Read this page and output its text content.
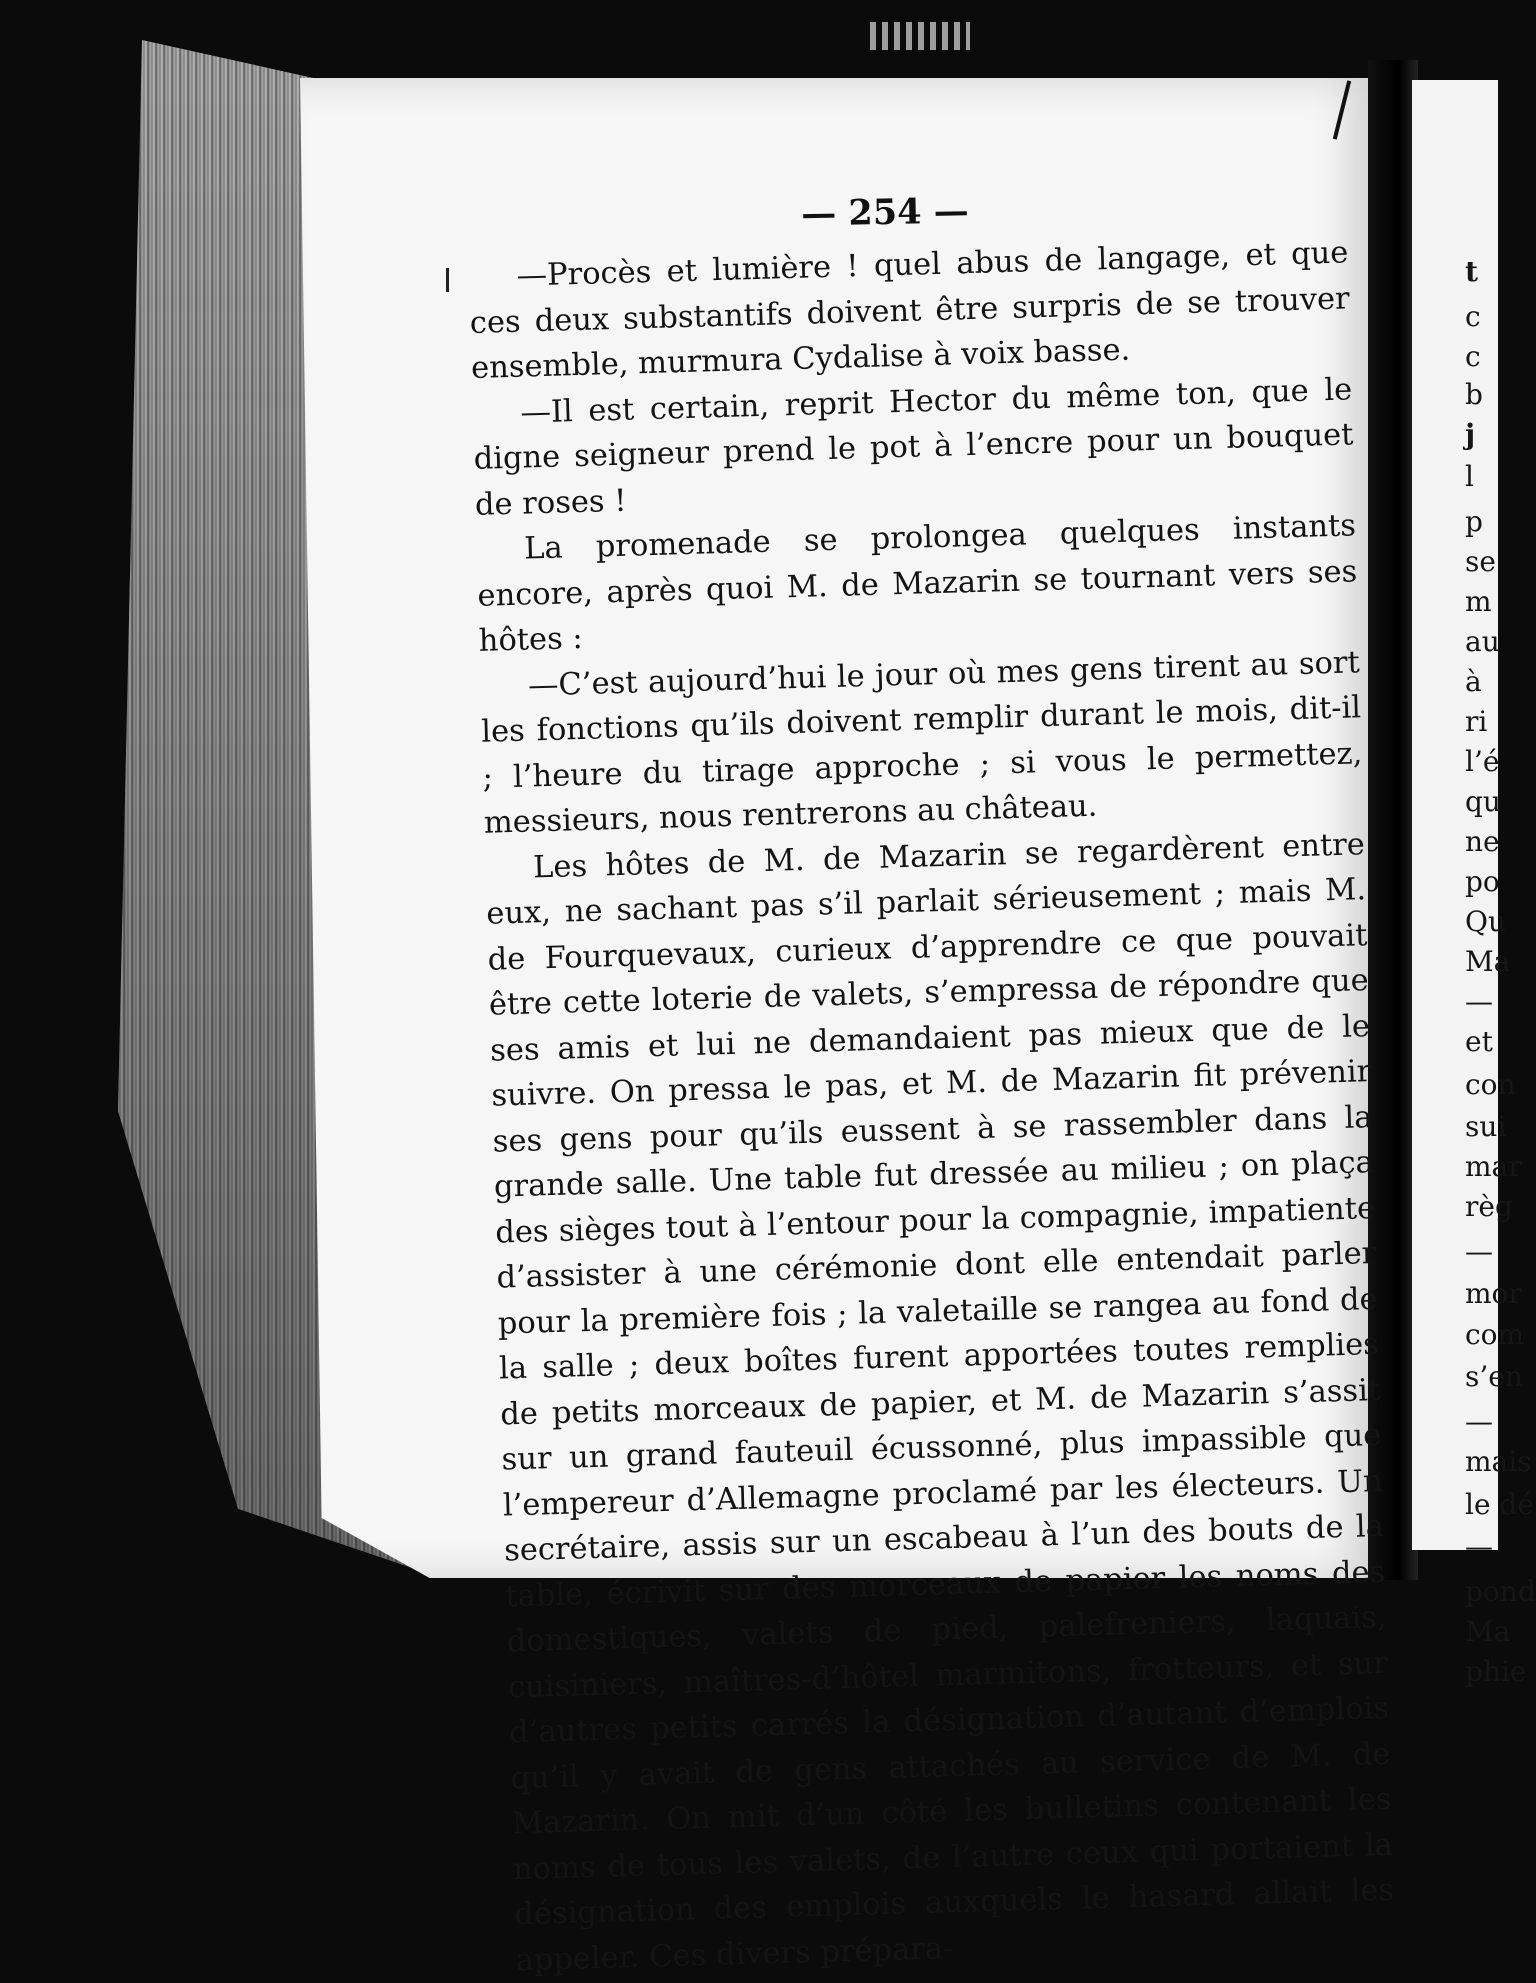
— 254 —

—Procès et lumière ! quel abus de langage, et que ces deux substantifs doivent être surpris de se trouver ensemble, murmura Cydalise à voix basse.

—Il est certain, reprit Hector du même ton, que le digne seigneur prend le pot à l’encre pour un bouquet de roses !

La promenade se prolongea quelques instants encore, après quoi M. de Mazarin se tournant vers ses hôtes :

—C’est aujourd’hui le jour où mes gens tirent au sort les fonctions qu’ils doivent remplir durant le mois, dit-il ; l’heure du tirage approche ; si vous le permettez, messieurs, nous rentrerons au château.

Les hôtes de M. de Mazarin se regardèrent entre eux, ne sachant pas s’il parlait sérieusement ; mais M. de Fourquevaux, curieux d’apprendre ce que pouvait être cette loterie de valets, s’empressa de répondre que ses amis et lui ne demandaient pas mieux que de le suivre. On pressa le pas, et M. de Mazarin fit prévenir ses gens pour qu’ils eussent à se rassembler dans la grande salle. Une table fut dressée au milieu ; on plaça des sièges tout à l’entour pour la compagnie, impatiente d’assister à une cérémonie dont elle entendait parler pour la première fois ; la valetaille se rangea au fond de la salle ; deux boîtes furent apportées toutes remplies de petits morceaux de papier, et M. de Mazarin s’assit sur un grand fauteuil écussonné, plus impassible que l’empereur d’Allemagne proclamé par les électeurs. Un secrétaire, assis sur un escabeau à l’un des bouts de la table, écrivit sur des morceaux de papier les noms des domestiques, valets de pied, palefreniers, laquais, cuisiniers, maîtres-d’hôtel marmitons, frotteurs, et sur d’autres petits carrés la désignation d’autant d’emplois qu’il y avait de gens attachés au service de M. de Mazarin. On mit d’un côté les bulletins contenant les noms de tous les valets, de l’autre ceux qui portaient la désignation des emplois auxquels le hasard allait les appeler. Ces divers prépara-

t
c
c
b
j
l
p
se
m
au
à
ri
l’é
qu
ne
po
Qu
Ma
—
et
con
sui
mar
règ
—
mor
com
s’en
—
mais
le dé
—
pond
Ma
phie
